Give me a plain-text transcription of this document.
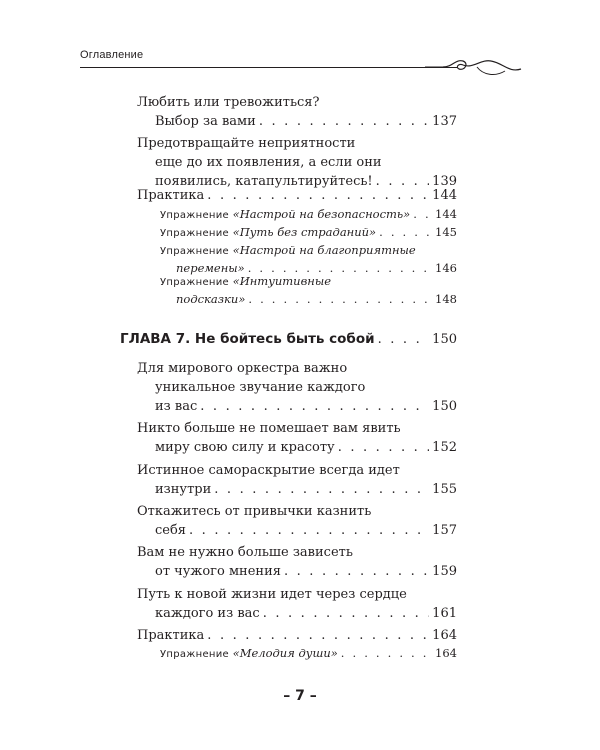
Оглавление
Любить или тревожиться?
Выбор за вами . . .	137
Предотвращайте неприятности
еще до их появления, а если они
появились, катапультируйтесь! . . .	139
Практика . . .	144
Упражнение «Настрой на безопасность» . . . 144
Упражнение «Путь без страданий» . . .	145
Упражнение «Настрой на благоприятные
перемены» . . .	146
Упражнение «Интуитивные
подсказки» . . .	148
ГЛАВА 7. Не бойтесь быть собой . . .	150
Для мирового оркестра важно
уникальное звучание каждого
из вас . . .	150
Никто больше не помешает вам явить
миру свою силу и красоту . . .	152
Истинное самораскрытие всегда идет
изнутри . . .	155
Откажитесь от привычки казнить
себя . . .	157
Вам не нужно больше зависеть
от чужого мнения . . .	159
Путь к новой жизни идет через сердце
каждого из вас . . .	161
Практика . . .	164
Упражнение «Мелодия души» . . .	164
– 7 –
